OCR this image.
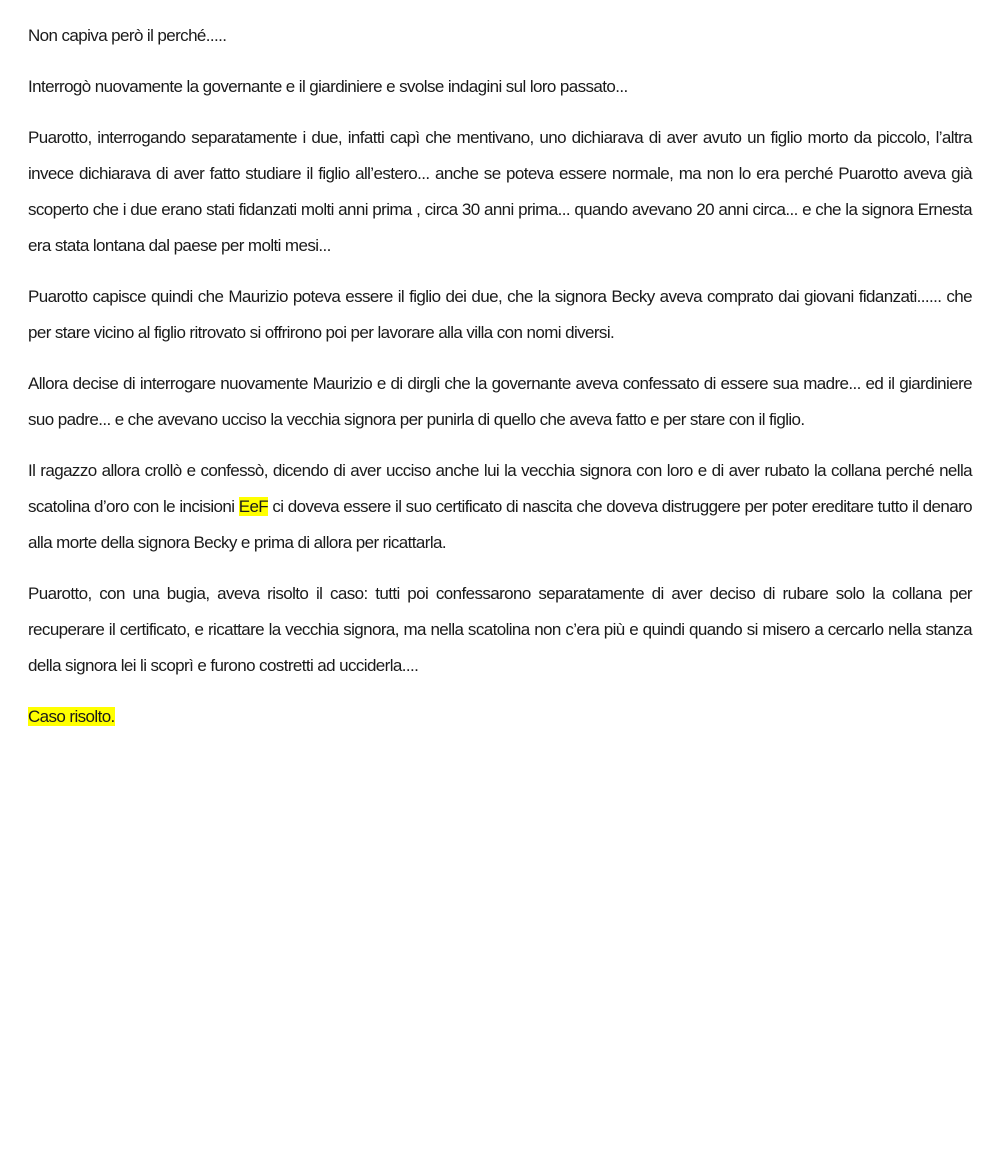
Non capiva però il perché.....

Interrogò nuovamente la governante e il giardiniere e svolse indagini sul loro passato...

Puarotto, interrogando separatamente i due, infatti capì che mentivano, uno dichiarava di aver avuto un figlio morto da piccolo, l’altra invece dichiarava di aver fatto studiare il figlio all’estero... anche se poteva essere normale, ma non lo era perché Puarotto aveva già scoperto che i due erano stati fidanzati molti anni prima , circa 30 anni prima... quando avevano 20 anni circa... e che la signora Ernesta era stata lontana dal paese per molti mesi...

Puarotto capisce quindi che Maurizio poteva essere il figlio dei due, che la signora Becky aveva comprato dai giovani fidanzati...... che per stare vicino al figlio ritrovato si offrirono poi per lavorare alla villa con nomi diversi.

Allora decise di interrogare nuovamente Maurizio e di dirgli che la governante aveva confessato di essere sua madre... ed il giardiniere suo padre... e che avevano ucciso la vecchia signora per punirla di quello che aveva fatto e per stare con il figlio.

Il ragazzo allora crollò e confessò, dicendo di aver ucciso anche lui la vecchia signora con loro e di aver rubato la collana perché nella scatolina d’oro con le incisioni EeF ci doveva essere il suo certificato di nascita che doveva distruggere per poter ereditare tutto il denaro alla morte della signora Becky e prima di allora per ricattarla.

Puarotto, con una bugia, aveva risolto il caso: tutti poi confessarono separatamente di aver deciso di rubare solo la collana per recuperare il certificato, e ricattare la vecchia signora, ma nella scatolina non c’era più e quindi quando si misero a cercarlo nella stanza della signora lei li scoprì e furono costretti ad ucciderla....

Caso risolto.
